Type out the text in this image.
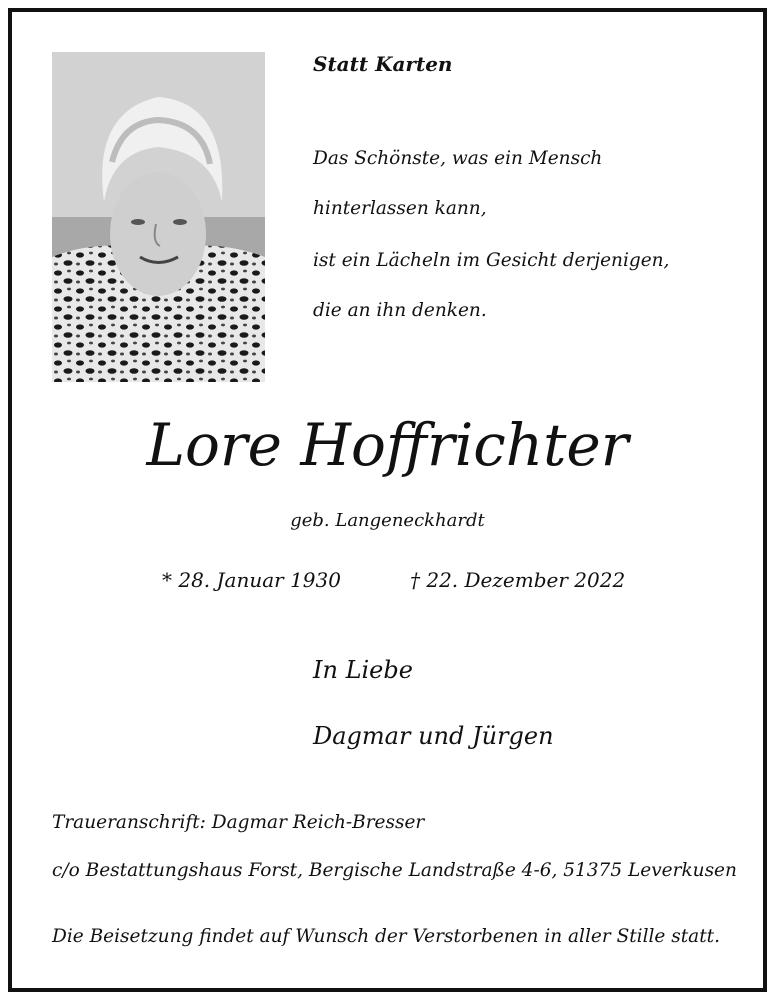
Statt Karten
Das Schönste, was ein Mensch
hinterlassen kann,
ist ein Lächeln im Gesicht derjenigen,
die an ihn denken.
Lore Hoffrichter
geb. Langeneckhardt
* 28. Januar 1930	† 22. Dezember 2022
In Liebe
Dagmar und Jürgen
Traueranschrift: Dagmar Reich-Bresser
c/o Bestattungshaus Forst, Bergische Landstraße 4-6, 51375 Leverkusen
Die Beisetzung findet auf Wunsch der Verstorbenen in aller Stille statt.
